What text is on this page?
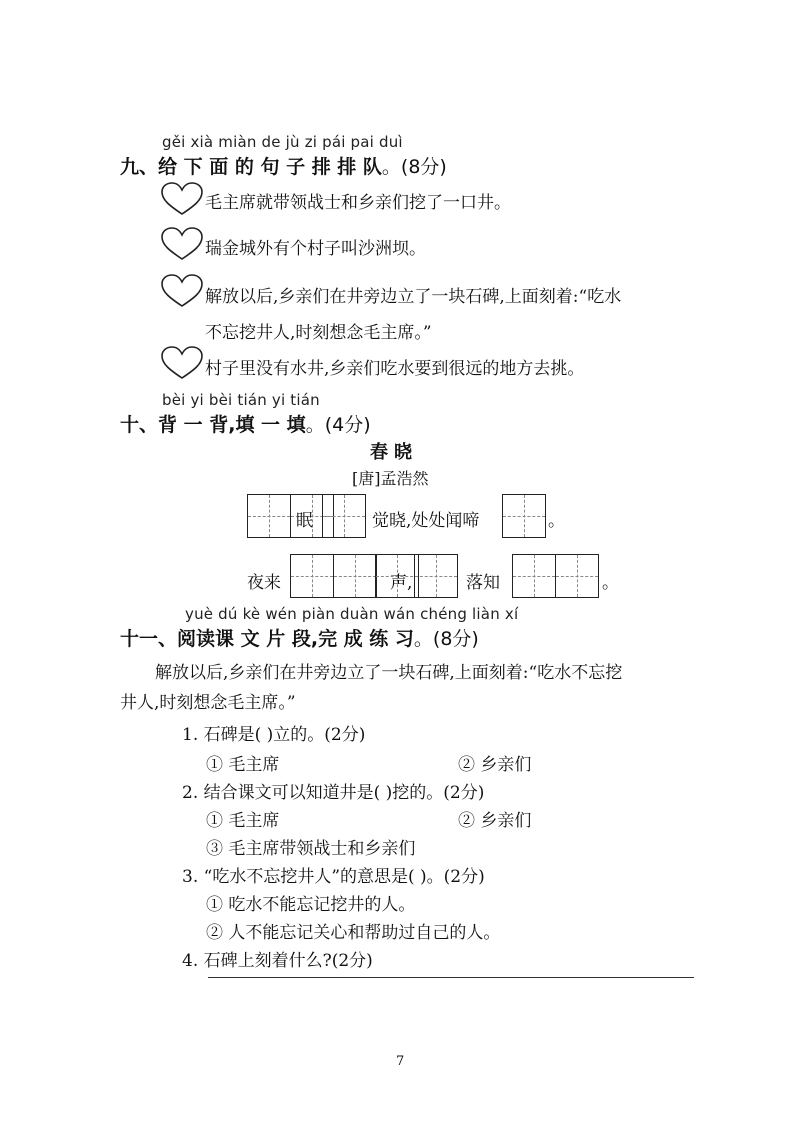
gěi xià miàn de jù zi pái pai duì
九、给 下 面 的 句 子 排 排 队。(8分)
毛主席就带领战士和乡亲们挖了一口井。
瑞金城外有个村子叫沙洲坝。
解放以后,乡亲们在井旁边立了一块石碑,上面刻着:“吃水
不忘挖井人,时刻想念毛主席。”
村子里没有水井,乡亲们吃水要到很远的地方去挑。
bèi yi bèi tián yi tián
十、背 一 背,填 一 填。(4分)
春晓
[唐]孟浩然
眠	觉晓,处处闻啼	。
夜来	声,	落知	。
yuè dú kè wén piàn duàn wán chéng liàn xí
十一、阅读课 文 片 段,完 成 练 习。(8分)
解放以后,乡亲们在井旁边立了一块石碑,上面刻着:“吃水不忘挖
井人,时刻想念毛主席。”
1. 石碑是( )立的。(2分)
① 毛主席	② 乡亲们
2. 结合课文可以知道井是( )挖的。(2分)
① 毛主席	② 乡亲们
③ 毛主席带领战士和乡亲们
3. “吃水不忘挖井人”的意思是( )。(2分)
① 吃水不能忘记挖井的人。
② 人不能忘记关心和帮助过自己的人。
4. 石碑上刻着什么?(2分)
7
